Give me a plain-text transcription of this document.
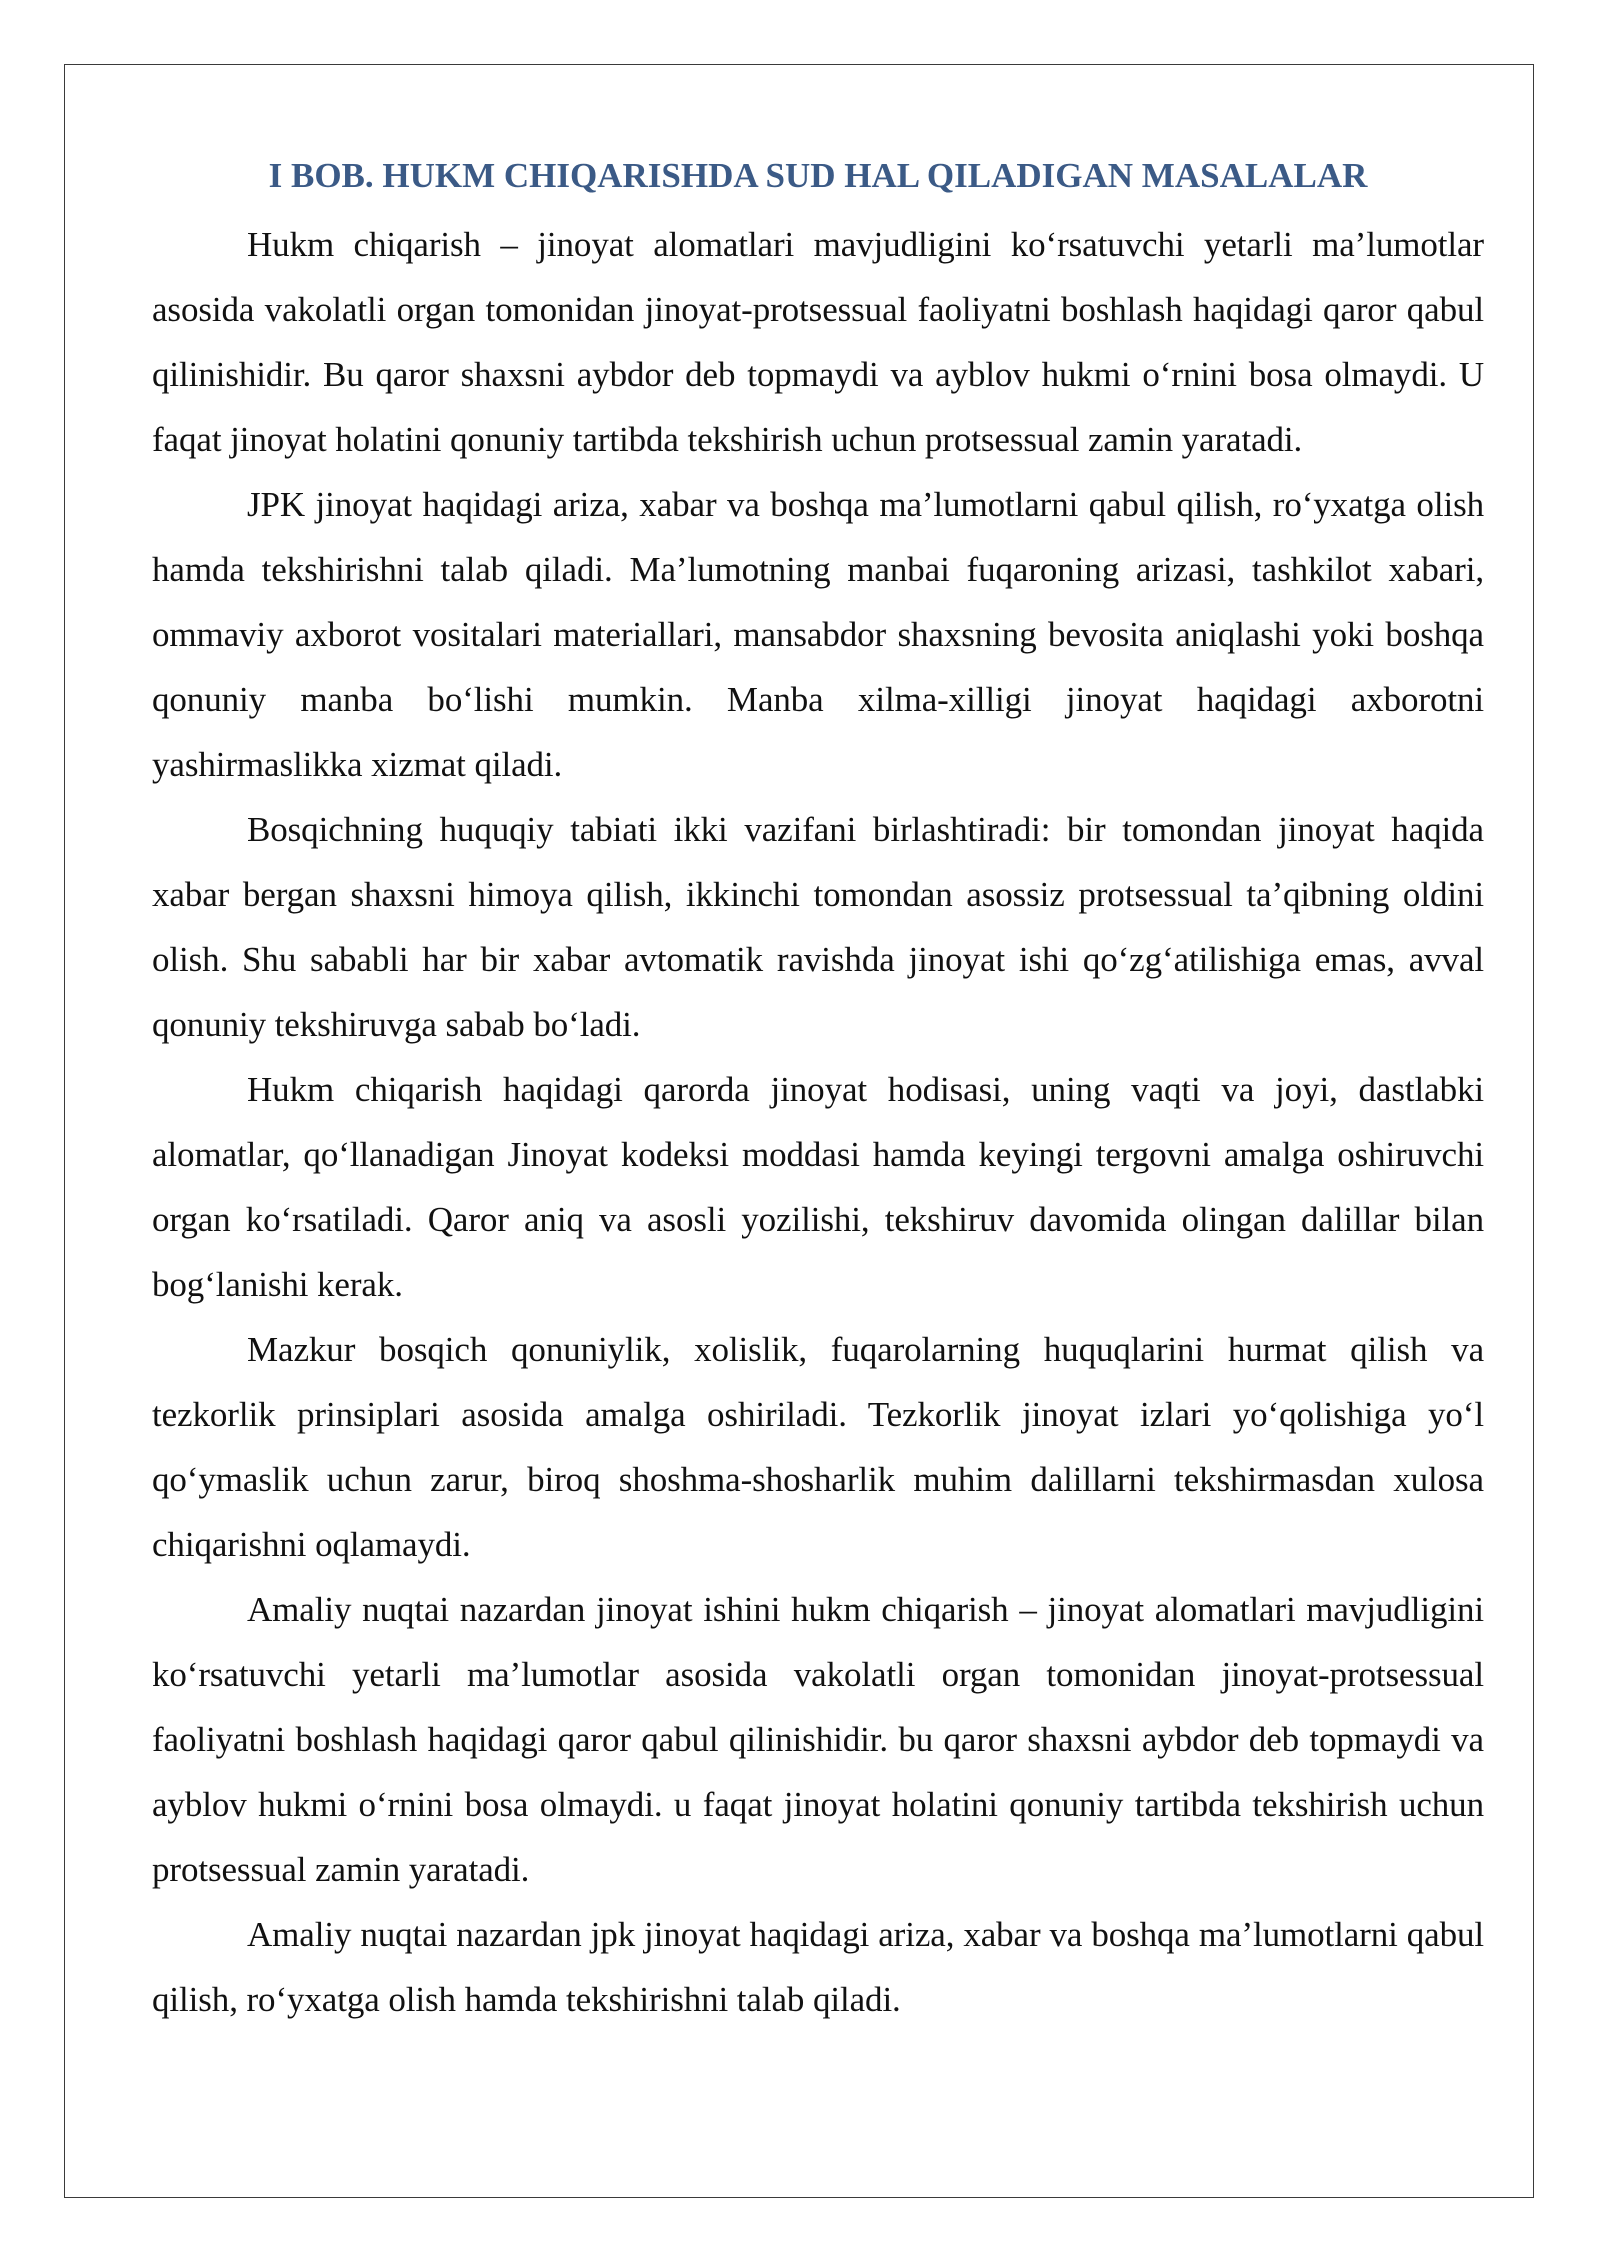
I BOB. HUKM CHIQARISHDA SUD HAL QILADIGAN MASALALAR

Hukm chiqarish – jinoyat alomatlari mavjudligini ko‘rsatuvchi yetarli ma’lumotlar asosida vakolatli organ tomonidan jinoyat-protsessual faoliyatni boshlash haqidagi qaror qabul qilinishidir. Bu qaror shaxsni aybdor deb topmaydi va ayblov hukmi o‘rnini bosa olmaydi. U faqat jinoyat holatini qonuniy tartibda tekshirish uchun protsessual zamin yaratadi.

JPK jinoyat haqidagi ariza, xabar va boshqa ma’lumotlarni qabul qilish, ro‘yxatga olish hamda tekshirishni talab qiladi. Ma’lumotning manbai fuqaroning arizasi, tashkilot xabari, ommaviy axborot vositalari materiallari, mansabdor shaxsning bevosita aniqlashi yoki boshqa qonuniy manba bo‘lishi mumkin. Manba xilma-xilligi jinoyat haqidagi axborotni yashirmaslikka xizmat qiladi.

Bosqichning huquqiy tabiati ikki vazifani birlashtiradi: bir tomondan jinoyat haqida xabar bergan shaxsni himoya qilish, ikkinchi tomondan asossiz protsessual ta’qibning oldini olish. Shu sababli har bir xabar avtomatik ravishda jinoyat ishi qo‘zg‘atilishiga emas, avval qonuniy tekshiruvga sabab bo‘ladi.

Hukm chiqarish haqidagi qarorda jinoyat hodisasi, uning vaqti va joyi, dastlabki alomatlar, qo‘llanadigan Jinoyat kodeksi moddasi hamda keyingi tergovni amalga oshiruvchi organ ko‘rsatiladi. Qaror aniq va asosli yozilishi, tekshiruv davomida olingan dalillar bilan bog‘lanishi kerak.

Mazkur bosqich qonuniylik, xolislik, fuqarolarning huquqlarini hurmat qilish va tezkorlik prinsiplari asosida amalga oshiriladi. Tezkorlik jinoyat izlari yo‘qolishiga yo‘l qo‘ymaslik uchun zarur, biroq shoshma-shosharlik muhim dalillarni tekshirmasdan xulosa chiqarishni oqlamaydi.

Amaliy nuqtai nazardan jinoyat ishini hukm chiqarish – jinoyat alomatlari mavjudligini ko‘rsatuvchi yetarli ma’lumotlar asosida vakolatli organ tomonidan jinoyat-protsessual faoliyatni boshlash haqidagi qaror qabul qilinishidir. bu qaror shaxsni aybdor deb topmaydi va ayblov hukmi o‘rnini bosa olmaydi. u faqat jinoyat holatini qonuniy tartibda tekshirish uchun protsessual zamin yaratadi.

Amaliy nuqtai nazardan jpk jinoyat haqidagi ariza, xabar va boshqa ma’lumotlarni qabul qilish, ro‘yxatga olish hamda tekshirishni talab qiladi.
